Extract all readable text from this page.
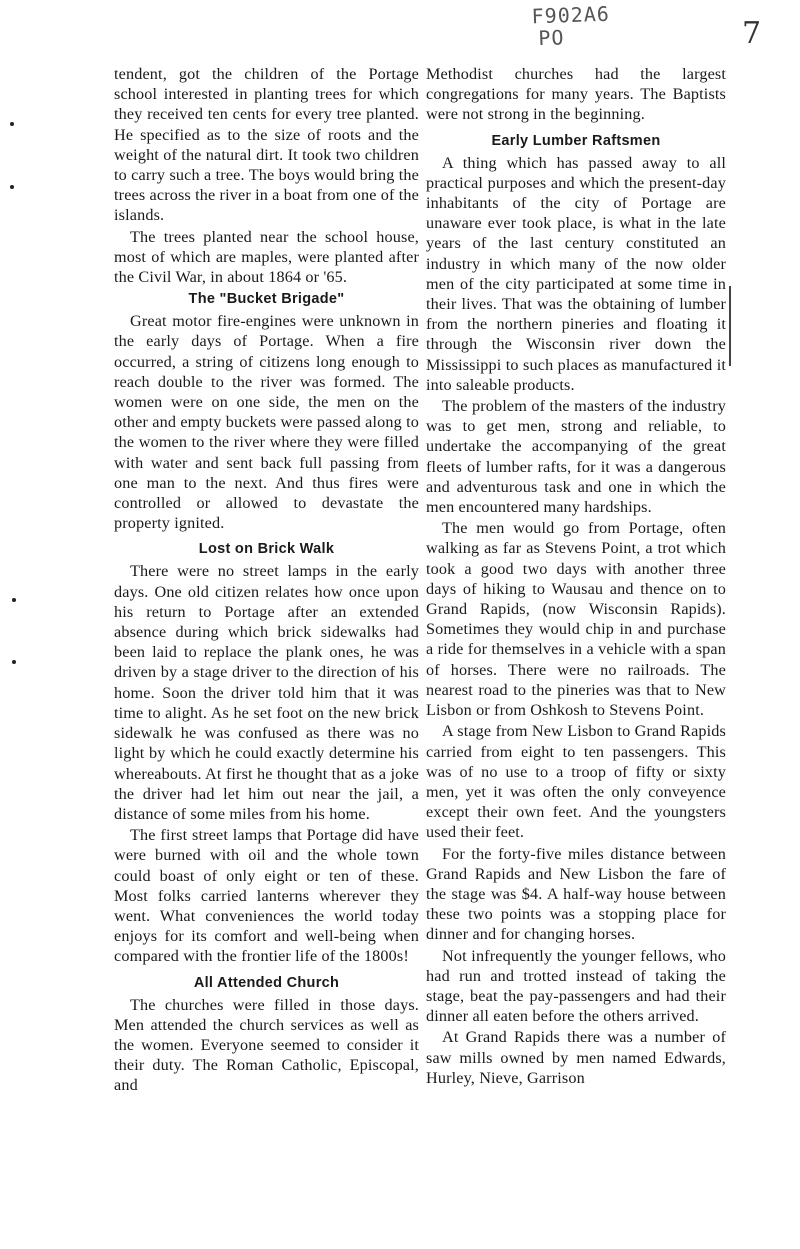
F902A6
PO	7

tendent, got the children of the Portage school interested in planting trees for which they received ten cents for every tree planted. He specified as to the size of roots and the weight of the natural dirt. It took two children to carry such a tree. The boys would bring the trees across the river in a boat from one of the islands.

The trees planted near the school house, most of which are maples, were planted after the Civil War, in about 1864 or '65.

The "Bucket Brigade"

Great motor fire-engines were unknown in the early days of Portage. When a fire occurred, a string of citizens long enough to reach double to the river was formed. The women were on one side, the men on the other and empty buckets were passed along to the women to the river where they were filled with water and sent back full passing from one man to the next. And thus fires were controlled or allowed to devastate the property ignited.

Lost on Brick Walk

There were no street lamps in the early days. One old citizen relates how once upon his return to Portage after an extended absence during which brick sidewalks had been laid to replace the plank ones, he was driven by a stage driver to the direction of his home. Soon the driver told him that it was time to alight. As he set foot on the new brick sidewalk he was confused as there was no light by which he could exactly determine his whereabouts. At first he thought that as a joke the driver had let him out near the jail, a distance of some miles from his home.

The first street lamps that Portage did have were burned with oil and the whole town could boast of only eight or ten of these. Most folks carried lanterns wherever they went. What conveniences the world today enjoys for its comfort and well-being when compared with the frontier life of the 1800s!

All Attended Church

The churches were filled in those days. Men attended the church services as well as the women. Everyone seemed to consider it their duty. The Roman Catholic, Episcopal, and

Methodist churches had the largest congregations for many years. The Baptists were not strong in the beginning.

Early Lumber Raftsmen

A thing which has passed away to all practical purposes and which the present-day inhabitants of the city of Portage are unaware ever took place, is what in the late years of the last century constituted an industry in which many of the now older men of the city participated at some time in their lives. That was the obtaining of lumber from the northern pineries and floating it through the Wisconsin river down the Mississippi to such places as manufactured it into saleable products.

The problem of the masters of the industry was to get men, strong and reliable, to undertake the accompanying of the great fleets of lumber rafts, for it was a dangerous and adventurous task and one in which the men encountered many hardships.

The men would go from Portage, often walking as far as Stevens Point, a trot which took a good two days with another three days of hiking to Wausau and thence on to Grand Rapids, (now Wisconsin Rapids). Sometimes they would chip in and purchase a ride for themselves in a vehicle with a span of horses. There were no railroads. The nearest road to the pineries was that to New Lisbon or from Oshkosh to Stevens Point.

A stage from New Lisbon to Grand Rapids carried from eight to ten passengers. This was of no use to a troop of fifty or sixty men, yet it was often the only conveyence except their own feet. And the youngsters used their feet.

For the forty-five miles distance between Grand Rapids and New Lisbon the fare of the stage was $4. A half-way house between these two points was a stopping place for dinner and for changing horses.

Not infrequently the younger fellows, who had run and trotted instead of taking the stage, beat the pay-passengers and had their dinner all eaten before the others arrived.

At Grand Rapids there was a number of saw mills owned by men named Edwards, Hurley, Nieve, Garrison
